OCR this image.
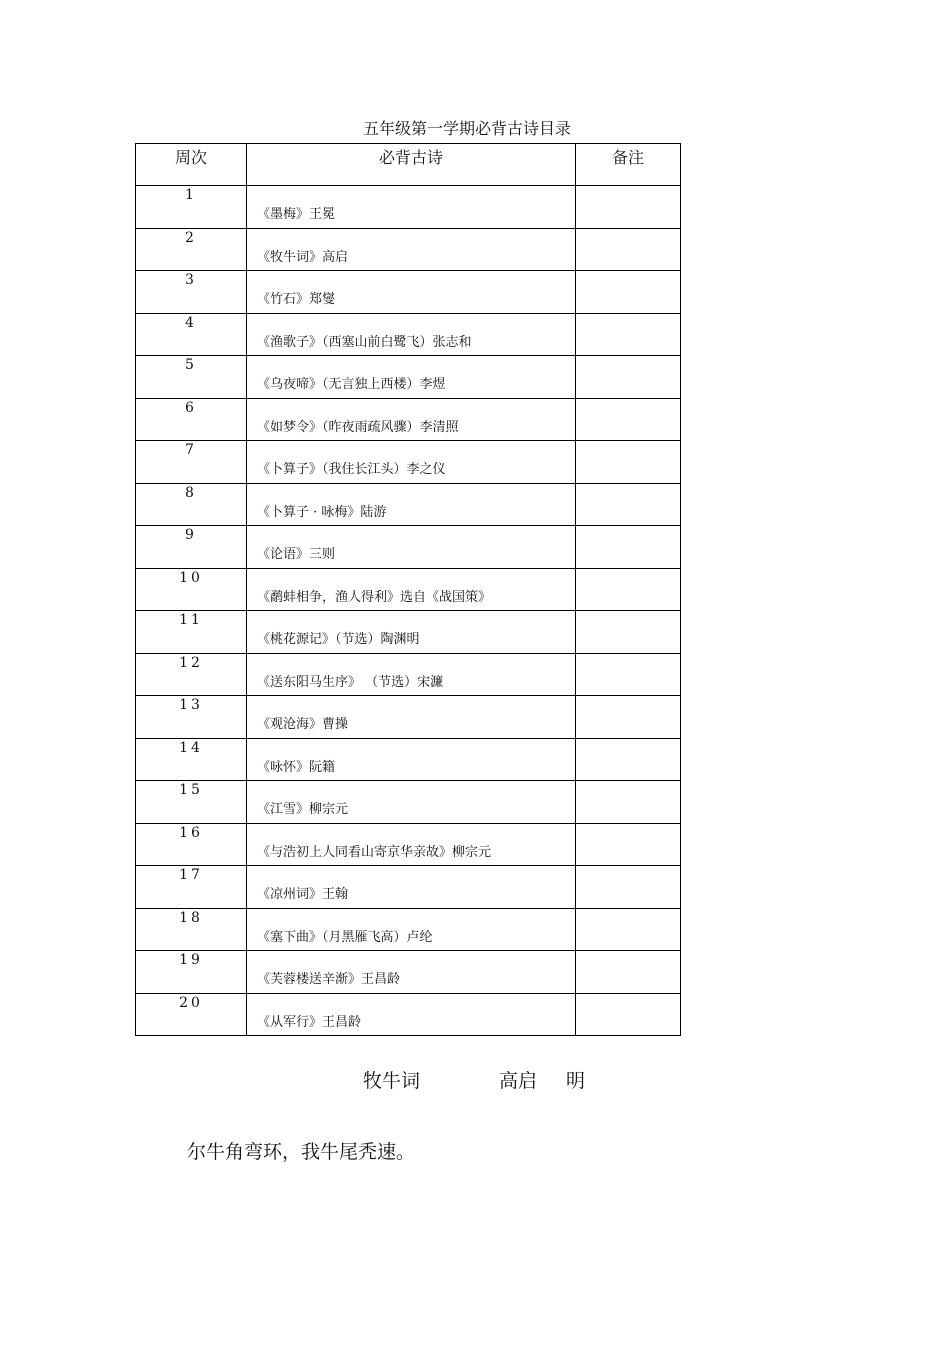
五年级第一学期必背古诗目录
周次	必背古诗	备注

1	《墨梅》王冕	

2	《牧牛词》高启	

3	《竹石》郑燮	

4	《渔歌子》（西塞山前白鹭飞）张志和	

5	《乌夜啼》（无言独上西楼）李煜	

6	《如梦令》（昨夜雨疏风骤）李清照	

7	《卜算子》（我住长江头）李之仪	

8	《卜算子 · 咏梅》陆游	

9	《论语》三则	

10	《鹬蚌相争，渔人得利》选自《战国策》	

11	《桃花源记》（节选）陶渊明	

12	《送东阳马生序》 （节选）宋濂	

13	《观沧海》曹操	

14	《咏怀》阮籍	

15	《江雪》柳宗元	

16	《与浩初上人同看山寄京华亲故》柳宗元	

17	《凉州词》王翰	

18	《塞下曲》（月黑雁飞高）卢纶	

19	《芙蓉楼送辛渐》王昌龄	

20	《从军行》王昌龄	

牧牛词	高启 明
尔牛角弯环，我牛尾秃速。
